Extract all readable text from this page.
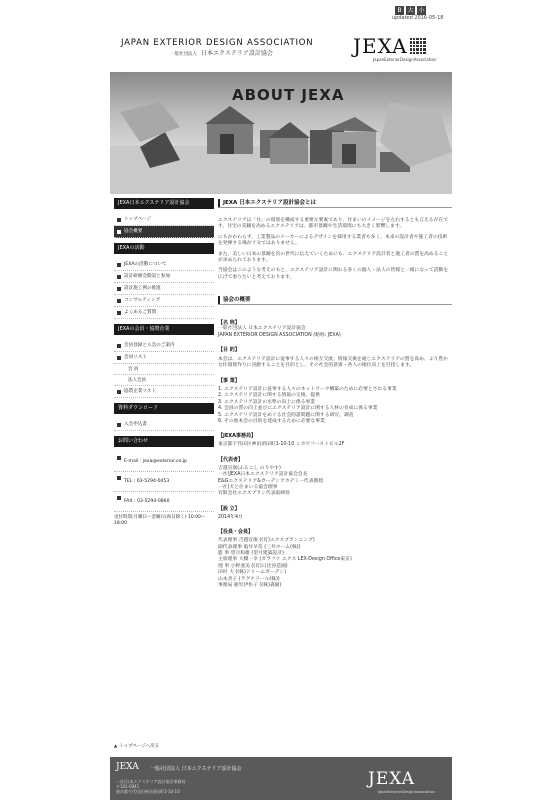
B 大 小
updated 2016-05-18
JAPAN EXTERIOR DESIGN ASSOCIATION
一般社団法人 日本エクステリア設計協会	JEXA
JapanExteriorDesignAssociation
ABOUT JEXA
JEXA日本エクステリア設計協会
トップページ
協会概要
JEXAの活動
JEXAの活動について
設計研修会開設と参加
設計施工例の推進
コンサルティング
よくあるご質問
JEXAの会員・協賛企業
会員登録と入会のご案内
会員リスト
会 員
法人会員
協賛企業リスト
資料ダウンロード
入会申込書
お問い合わせ
E-mail : jexa@exterior.co.jp
TEL : 03-5294-0453
FAX : 03-5294-0860
受付時間:月曜日～金曜日(祝日除く) 10:00～18:00
JEXA 日本エクステリア設計協会とは
エクステリアは「住」の環境を構成する重要な要素であり、住まいのイメージを左右するとも言える存在です。住宅の美観を高めるエクステリアは、都市景観や生活環境にも大きく影響します。
にもかかわらず、工業製品のメーカーによるデザインを採用する業者も多く、本来の設計者や施工者の技術を発揮する場が十分ではありません。
また、美しい日本の景観を次の世代に伝えていくためにも、エクステリア設計者と施工者の質を高めることが求められております。
当協会はこのような考えのもと、エクステリア設計に関わる多くの個人・法人の皆様と一緒になって活動を広げて参りたいと考えております。
協会の概要
【名 称】
一般社団法人 日本エクステリア設計協会
JAPAN EXTERIOR DESIGN ASSOCIATION (略称: JEXA)
【目 的】
本会は、エクステリア設計に従事する人々の相互交流、情報交換を通じエクステリアの質を高め、より豊かな住環境作りに貢献することを目的とし、その社会的意義・各人の地位向上を目指します。
【事 業】
1. エクステリア設計に従事する人々のネットワーク構築のために必要とされる事業
2. エクステリア設計に関する情報の交換、提供
3. エクステリア設計の水準の向上に係る事業
4. 会員の質の向上並びにエクステリア設計に関する人材の育成に係る事業
5. エクステリア設計をめぐる社会的諸問題に関する研究、調査
6. その他本会の目的を達成するために必要な事業
【JEXA事務局】
東京都千代田区神田須田町1-10-10 ミカワフーストビル2F
【代表者】
吉越宣康(ふるこし のりやす)
一社)JEXA日本エクステリア設計協会会長
E&Gエクステリア&ガーデンアカデミー代表教授
一社)犬と住まいる協会理事
有限会社エクスプラン代表取締役
【設 立】
2014年4月
【役員・会員】
代表理事 吉越宣康 ((有)エクスプランニング)
副代表理事 亀井早苗 (三井ホーム(株))
監 事 望月和雄 (望月建築設計)
主席理事 大橋一幸 (ガラファ エクス LEX-Design Office東京)
理 事 小野亜美 ((有)日比谷造園)
田村 大 ((株)ドリームガーデン)
山本善子 (ラグナドール(株))
事務局 鹿児伊佐子 ((株)森園)
▲ トップページへ戻る
JEXA 一般社団法人 日本エクステリア設計協会
一社)日本エクステリア設計協会事務局
〒101-0041
東京都千代田区神田須田町1-10-10
JEXA
JapanExteriorDesignAssociation
